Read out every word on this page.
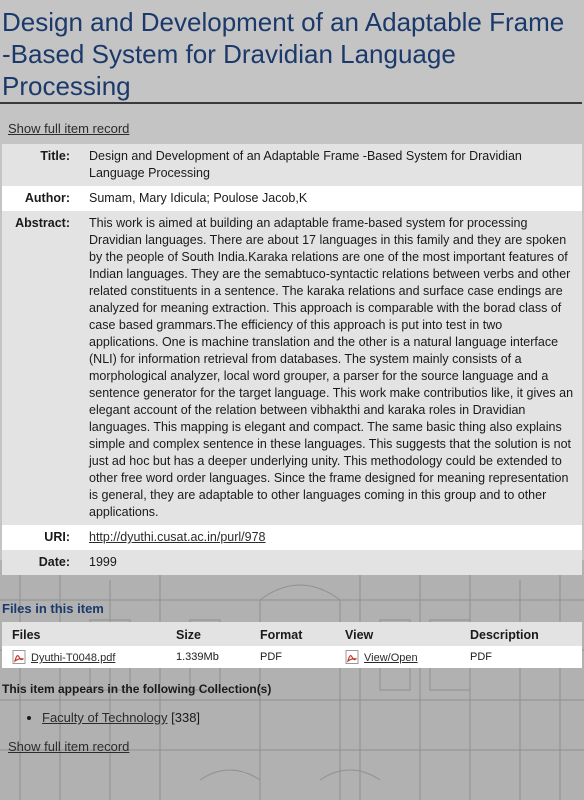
Design and Development of an Adaptable Frame -Based System for Dravidian Language Processing
Show full item record
Title:	Design and Development of an Adaptable Frame -Based System for Dravidian Language Processing
Author:	Sumam, Mary Idicula; Poulose Jacob,K
Abstract:	This work is aimed at building an adaptable frame-based system for processing Dravidian languages. There are about 17 languages in this family and they are spoken by the people of South India.Karaka relations are one of the most important features of Indian languages. They are the semabtuco-syntactic relations between verbs and other related constituents in a sentence. The karaka relations and surface case endings are analyzed for meaning extraction. This approach is comparable with the borad class of case based grammars.The efficiency of this approach is put into test in two applications. One is machine translation and the other is a natural language interface (NLI) for information retrieval from databases. The system mainly consists of a morphological analyzer, local word grouper, a parser for the source language and a sentence generator for the target language. This work make contributios like, it gives an elegant account of the relation between vibhakthi and karaka roles in Dravidian languages. This mapping is elegant and compact. The same basic thing also explains simple and complex sentence in these languages. This suggests that the solution is not just ad hoc but has a deeper underlying unity. This methodology could be extended to other free word order languages. Since the frame designed for meaning representation is general, they are adaptable to other languages coming in this group and to other applications.
URI:	http://dyuthi.cusat.ac.in/purl/978
Date:	1999
Files in this item
Files	Size	Format	View	Description
Dyuthi-T0048.pdf	1.339Mb	PDF	View/Open	PDF
This item appears in the following Collection(s)
• Faculty of Technology [338]
Show full item record
